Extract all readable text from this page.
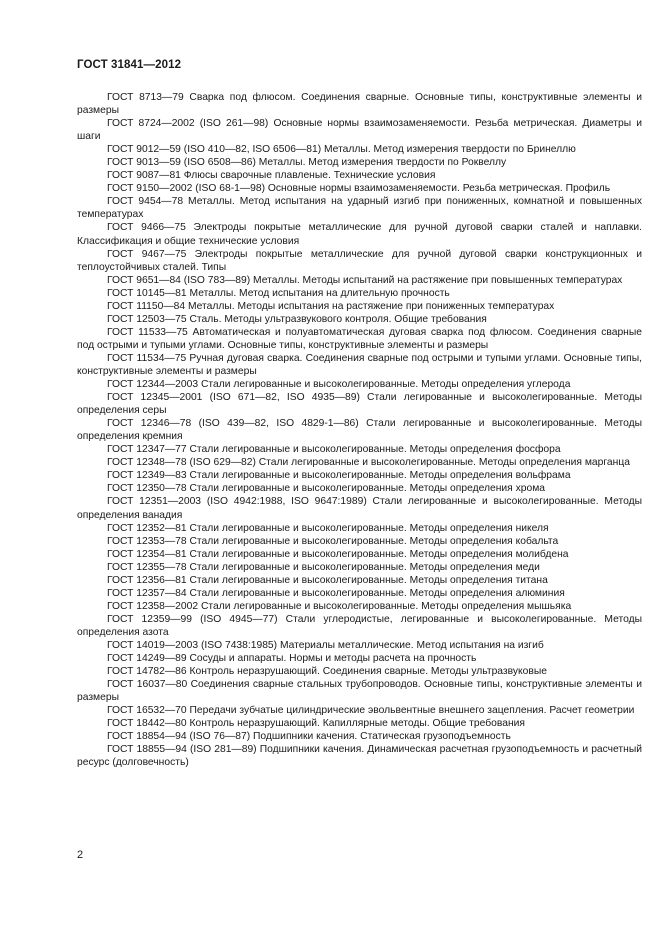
ГОСТ 31841—2012

ГОСТ 8713—79 Сварка под флюсом. Соединения сварные. Основные типы, конструктивные элементы и размеры

ГОСТ 8724—2002 (ISO 261—98) Основные нормы взаимозаменяемости. Резьба метрическая. Диаметры и шаги

ГОСТ 9012—59 (ISO 410—82, ISO 6506—81) Металлы. Метод измерения твердости по Бринеллю

ГОСТ 9013—59 (ISO 6508—86) Металлы. Метод измерения твердости по Роквеллу

ГОСТ 9087—81 Флюсы сварочные плавленые. Технические условия

ГОСТ 9150—2002 (ISO 68-1—98) Основные нормы взаимозаменяемости. Резьба метрическая. Профиль

ГОСТ 9454—78 Металлы. Метод испытания на ударный изгиб при пониженных, комнатной и повышенных температурах

ГОСТ 9466—75 Электроды покрытые металлические для ручной дуговой сварки сталей и наплавки. Классификация и общие технические условия

ГОСТ 9467—75 Электроды покрытые металлические для ручной дуговой сварки конструкционных и теплоустойчивых сталей. Типы

ГОСТ 9651—84 (ISO 783—89) Металлы. Методы испытаний на растяжение при повышенных температурах

ГОСТ 10145—81 Металлы. Метод испытания на длительную прочность

ГОСТ 11150—84 Металлы. Методы испытания на растяжение при пониженных температурах

ГОСТ 12503—75 Сталь. Методы ультразвукового контроля. Общие требования

ГОСТ 11533—75 Автоматическая и полуавтоматическая дуговая сварка под флюсом. Соединения сварные под острыми и тупыми углами. Основные типы, конструктивные элементы и размеры

ГОСТ 11534—75 Ручная дуговая сварка. Соединения сварные под острыми и тупыми углами. Основные типы, конструктивные элементы и размеры

ГОСТ 12344—2003 Стали легированные и высоколегированные. Методы определения углерода

ГОСТ 12345—2001 (ISO 671—82, ISO 4935—89) Стали легированные и высоколегированные. Методы определения серы

ГОСТ 12346—78 (ISO 439—82, ISO 4829-1—86) Стали легированные и высоколегированные. Методы определения кремния

ГОСТ 12347—77 Стали легированные и высоколегированные. Методы определения фосфора

ГОСТ 12348—78 (ISO 629—82) Стали легированные и высоколегированные. Методы определения марганца

ГОСТ 12349—83 Стали легированные и высоколегированные. Методы определения вольфрама

ГОСТ 12350—78 Стали легированные и высоколегированные. Методы определения хрома

ГОСТ 12351—2003 (ISO 4942:1988, ISO 9647:1989) Стали легированные и высоколегированные. Методы определения ванадия

ГОСТ 12352—81 Стали легированные и высоколегированные. Методы определения никеля

ГОСТ 12353—78 Стали легированные и высоколегированные. Методы определения кобальта

ГОСТ 12354—81 Стали легированные и высоколегированные. Методы определения молибдена

ГОСТ 12355—78 Стали легированные и высоколегированные. Методы определения меди

ГОСТ 12356—81 Стали легированные и высоколегированные. Методы определения титана

ГОСТ 12357—84 Стали легированные и высоколегированные. Методы определения алюминия

ГОСТ 12358—2002 Стали легированные и высоколегированные. Методы определения мышьяка

ГОСТ 12359—99 (ISO 4945—77) Стали углеродистые, легированные и высоколегированные. Методы определения азота

ГОСТ 14019—2003 (ISO 7438:1985) Материалы металлические. Метод испытания на изгиб

ГОСТ 14249—89 Сосуды и аппараты. Нормы и методы расчета на прочность

ГОСТ 14782—86 Контроль неразрушающий. Соединения сварные. Методы ультразвуковые

ГОСТ 16037—80 Соединения сварные стальных трубопроводов. Основные типы, конструктивные элементы и размеры

ГОСТ 16532—70 Передачи зубчатые цилиндрические эвольвентные внешнего зацепления. Расчет геометрии

ГОСТ 18442—80 Контроль неразрушающий. Капиллярные методы. Общие требования

ГОСТ 18854—94 (ISO 76—87) Подшипники качения. Статическая грузоподъемность

ГОСТ 18855—94 (ISO 281—89) Подшипники качения. Динамическая расчетная грузоподъемность и расчетный ресурс (долговечность)

2
